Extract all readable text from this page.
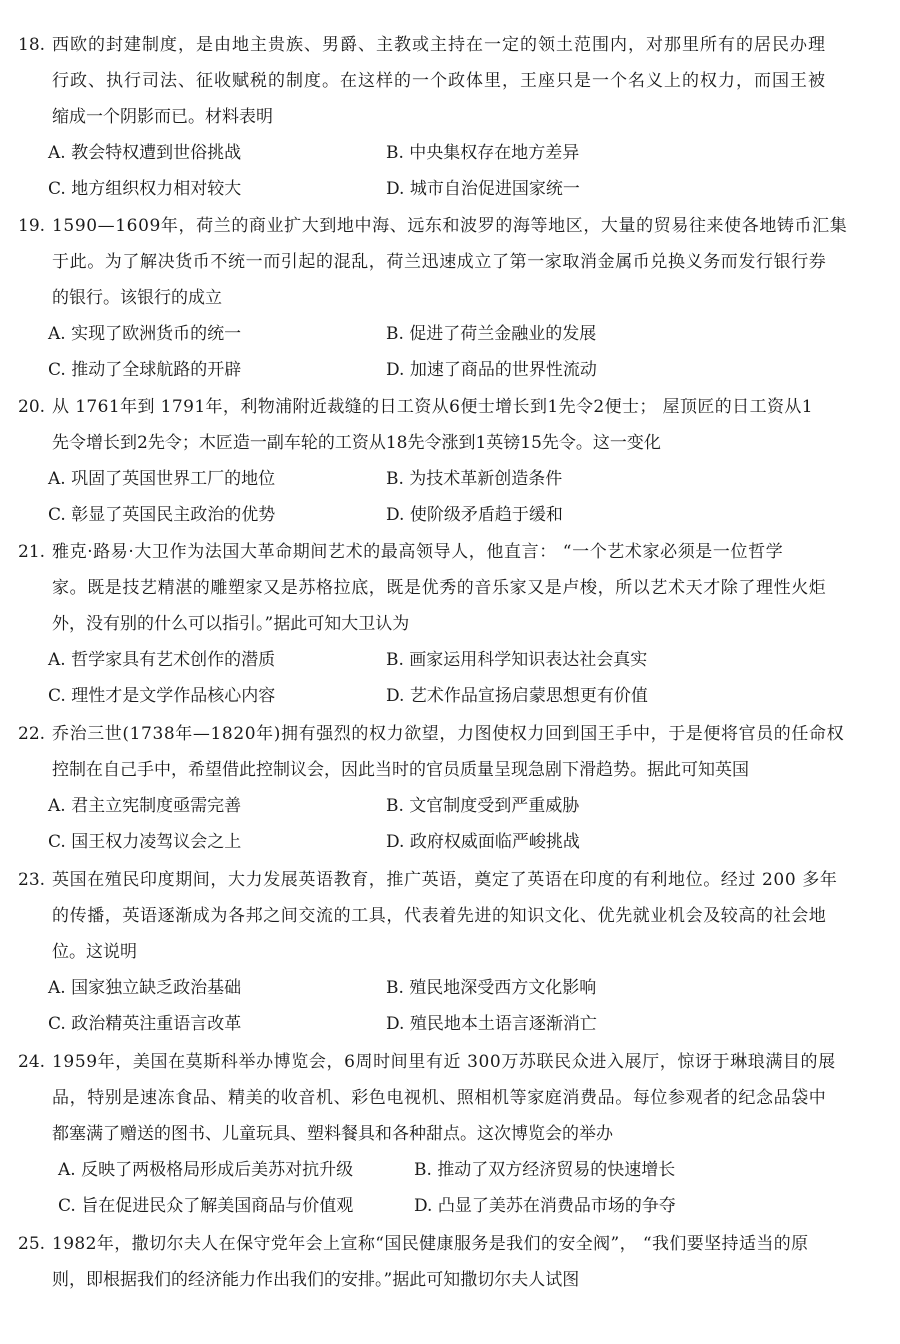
18. 西欧的封建制度，是由地主贵族、男爵、主教或主持在一定的领土范围内，对那里所有的居民办理
行政、执行司法、征收赋税的制度。在这样的一个政体里，王座只是一个名义上的权力，而国王被
缩成一个阴影而已。材料表明
A. 教会特权遭到世俗挑战	B. 中央集权存在地方差异
C. 地方组织权力相对较大	D. 城市自治促进国家统一
19. 1590—1609年，荷兰的商业扩大到地中海、远东和波罗的海等地区，大量的贸易往来使各地铸币汇集
于此。为了解决货币不统一而引起的混乱，荷兰迅速成立了第一家取消金属币兑换义务而发行银行券
的银行。该银行的成立
A. 实现了欧洲货币的统一	B. 促进了荷兰金融业的发展
C. 推动了全球航路的开辟	D. 加速了商品的世界性流动
20. 从 1761年到 1791年，利物浦附近裁缝的日工资从6便士增长到1先令2便士； 屋顶匠的日工资从1
先令增长到2先令；木匠造一副车轮的工资从18先令涨到1英镑15先令。这一变化
A. 巩固了英国世界工厂的地位	B. 为技术革新创造条件
C. 彰显了英国民主政治的优势	D. 使阶级矛盾趋于缓和
21. 雅克·路易·大卫作为法国大革命期间艺术的最高领导人，他直言： “一个艺术家必须是一位哲学
家。既是技艺精湛的雕塑家又是苏格拉底，既是优秀的音乐家又是卢梭，所以艺术天才除了理性火炬
外，没有别的什么可以指引。”据此可知大卫认为
A. 哲学家具有艺术创作的潜质	B. 画家运用科学知识表达社会真实
C. 理性才是文学作品核心内容	D. 艺术作品宣扬启蒙思想更有价值
22. 乔治三世(1738年—1820年)拥有强烈的权力欲望，力图使权力回到国王手中，于是便将官员的任命权
控制在自己手中，希望借此控制议会，因此当时的官员质量呈现急剧下滑趋势。据此可知英国
A. 君主立宪制度亟需完善	B. 文官制度受到严重威胁
C. 国王权力凌驾议会之上	D. 政府权威面临严峻挑战
23. 英国在殖民印度期间，大力发展英语教育，推广英语，奠定了英语在印度的有利地位。经过 200 多年
的传播，英语逐渐成为各邦之间交流的工具，代表着先进的知识文化、优先就业机会及较高的社会地
位。这说明
A. 国家独立缺乏政治基础	B. 殖民地深受西方文化影响
C. 政治精英注重语言改革	D. 殖民地本土语言逐渐消亡
24. 1959年，美国在莫斯科举办博览会，6周时间里有近 300万苏联民众进入展厅，惊讶于琳琅满目的展
品，特别是速冻食品、精美的收音机、彩色电视机、照相机等家庭消费品。每位参观者的纪念品袋中
都塞满了赠送的图书、儿童玩具、塑料餐具和各种甜点。这次博览会的举办
A. 反映了两极格局形成后美苏对抗升级	B. 推动了双方经济贸易的快速增长
C. 旨在促进民众了解美国商品与价值观	D. 凸显了美苏在消费品市场的争夺
25. 1982年，撒切尔夫人在保守党年会上宣称“国民健康服务是我们的安全阀”， “我们要坚持适当的原
则，即根据我们的经济能力作出我们的安排。”据此可知撒切尔夫人试图
